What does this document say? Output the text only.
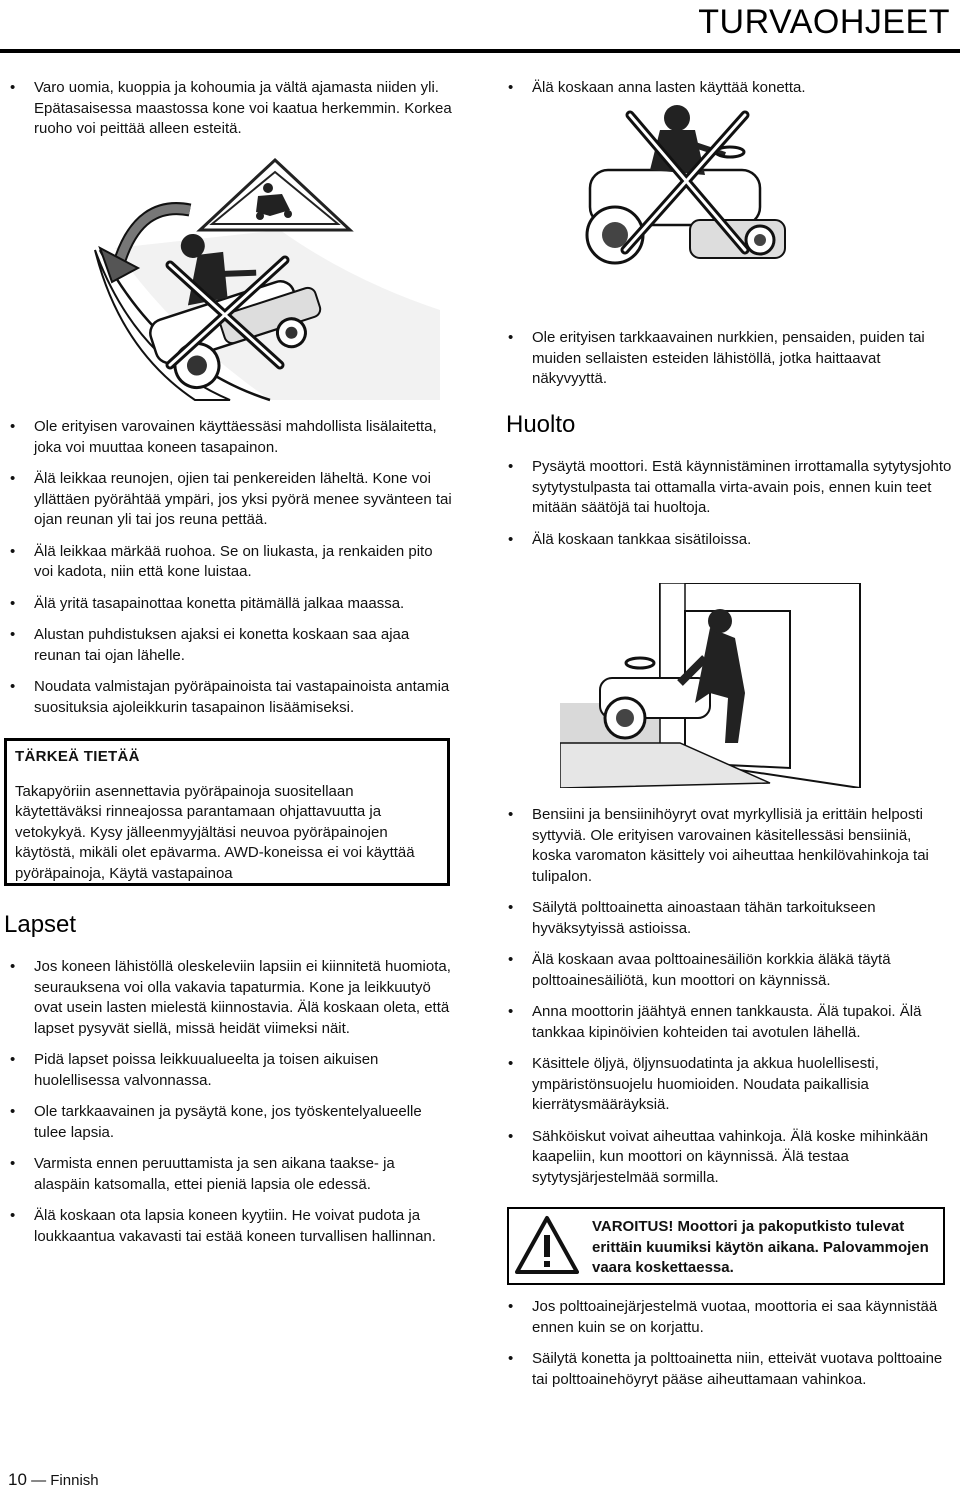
TURVAOHJEET
• Varo uomia, kuoppia ja kohoumia ja vältä ajamasta niiden yli. Epätasaisessa maastossa kone voi kaatua herkemmin. Korkea ruoho voi peittää alleen esteitä.
• Älä koskaan anna lasten käyttää konetta.
• Ole erityisen tarkkaavainen nurkkien, pensaiden, puiden tai muiden sellaisten esteiden lähistöllä, jotka haittaavat näkyvyyttä.
• Ole erityisen varovainen käyttäessäsi mahdollista lisälaitetta, joka voi muuttaa koneen tasapainon.
• Älä leikkaa reunojen, ojien tai penkereiden läheltä. Kone voi yllättäen pyörähtää ympäri, jos yksi pyörä menee syvänteen tai ojan reunan yli tai jos reuna pettää.
• Älä leikkaa märkää ruohoa. Se on liukasta, ja renkaiden pito voi kadota, niin että kone luistaa.
• Älä yritä tasapainottaa konetta pitämällä jalkaa maassa.
• Alustan puhdistuksen ajaksi ei konetta koskaan saa ajaa reunan tai ojan lähelle.
• Noudata valmistajan pyöräpainoista tai vastapainoista antamia suosituksia ajoleikkurin tasapainon lisäämiseksi.
Huolto
• Pysäytä moottori. Estä käynnistäminen irrottamalla sytytysjohto sytytystulpasta tai ottamalla virta-avain pois, ennen kuin teet mitään säätöjä tai huoltoja.
• Älä koskaan tankkaa sisätiloissa.
TÄRKEÄ TIETÄÄ
Takapyöriin asennettavia pyöräpainoja suositellaan käytettäväksi rinneajossa parantamaan ohjattavuutta ja vetokykyä. Kysy jälleenmyyjältäsi neuvoa pyöräpainojen käytöstä, mikäli olet epävarma. AWD-koneissa ei voi käyttää pyöräpainoja, Käytä vastapainoa
Lapset
• Jos koneen lähistöllä oleskeleviin lapsiin ei kiinnitetä huomiota, seurauksena voi olla vakavia tapaturmia. Kone ja leikkuutyö ovat usein lasten mielestä kiinnostavia. Älä koskaan oleta, että lapset pysyvät siellä, missä heidät viimeksi näit.
• Pidä lapset poissa leikkuualueelta ja toisen aikuisen huolellisessa valvonnassa.
• Ole tarkkaavainen ja pysäytä kone, jos työskentelyalueelle tulee lapsia.
• Varmista ennen peruuttamista ja sen aikana taakse- ja alaspäin katsomalla, ettei pieniä lapsia ole edessä.
• Älä koskaan ota lapsia koneen kyytiin. He voivat pudota ja loukkaantua vakavasti tai estää koneen turvallisen hallinnan.
• Bensiini ja bensiinihöyryt ovat myrkyllisiä ja erittäin helposti syttyviä. Ole erityisen varovainen käsitellessäsi bensiiniä, koska varomaton käsittely voi aiheuttaa henkilövahinkoja tai tulipalon.
• Säilytä polttoainetta ainoastaan tähän tarkoitukseen hyväksytyissä astioissa.
• Älä koskaan avaa polttoainesäiliön korkkia äläkä täytä polttoainesäiliötä, kun moottori on käynnissä.
• Anna moottorin jäähtyä ennen tankkausta. Älä tupakoi. Älä tankkaa kipinöivien kohteiden tai avotulen lähellä.
• Käsittele öljyä, öljynsuodatinta ja akkua huolellisesti, ympäristönsuojelu huomioiden. Noudata paikallisia kierrätysmääräyksiä.
• Sähköiskut voivat aiheuttaa vahinkoja. Älä koske mihinkään kaapeliin, kun moottori on käynnissä. Älä testaa sytytysjärjestelmää sormilla.
VAROITUS! Moottori ja pakoputkisto tulevat erittäin kuumiksi käytön aikana. Palovammojen vaara koskettaessa.
• Jos polttoainejärjestelmä vuotaa, moottoria ei saa käynnistää ennen kuin se on korjattu.
• Säilytä konetta ja polttoainetta niin, etteivät vuotava polttoaine tai polttoainehöyryt pääse aiheuttamaan vahinkoa.
10 — Finnish
